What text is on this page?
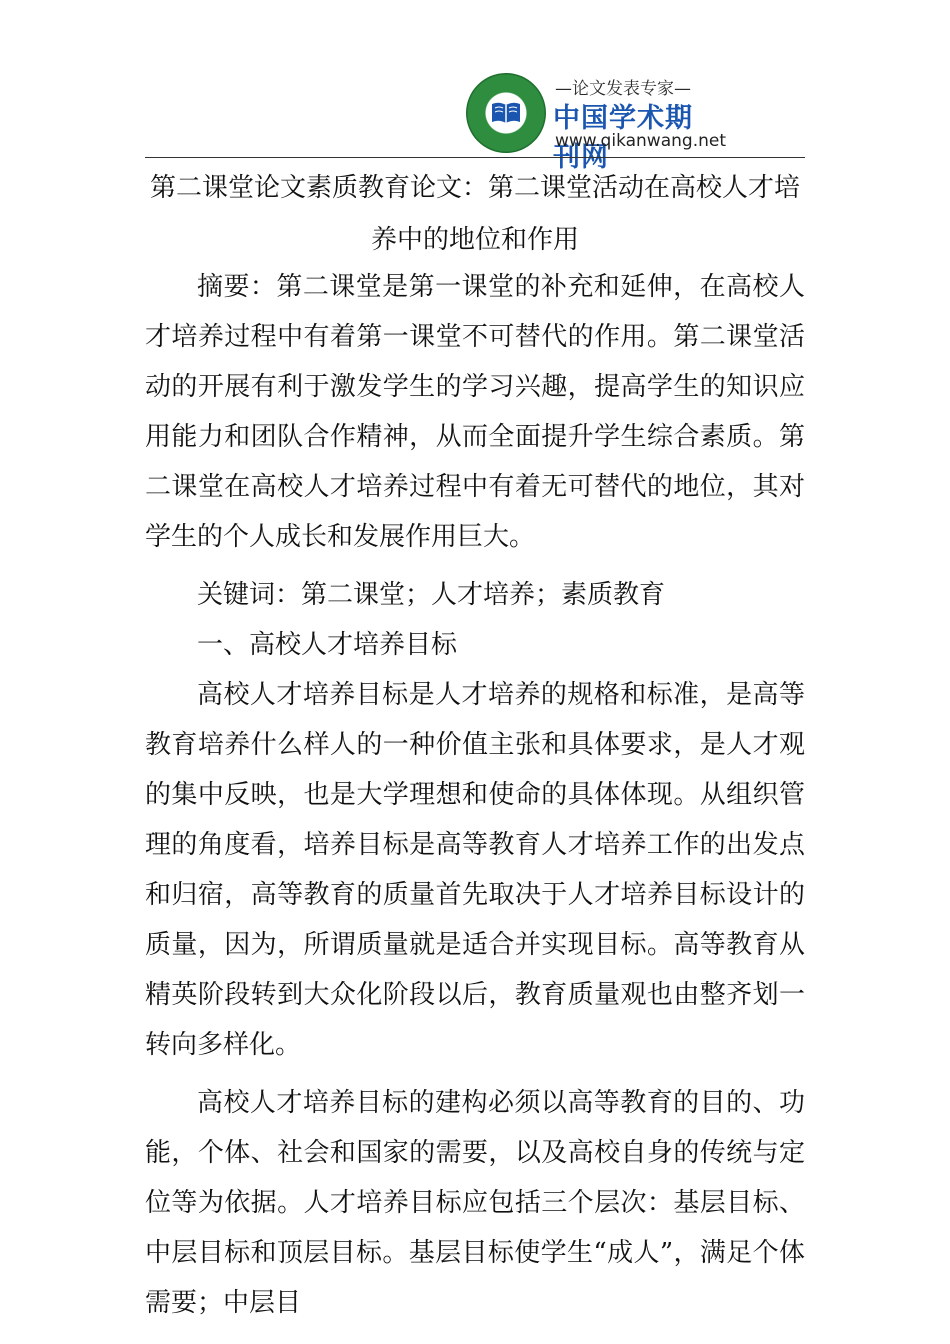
—论文发表专家—
中国学术期刊网
www.qikanwang.net
第二课堂论文素质教育论文：第二课堂活动在高校人才培养中的地位和作用

摘要：第二课堂是第一课堂的补充和延伸，在高校人才培养过程中有着第一课堂不可替代的作用。第二课堂活动的开展有利于激发学生的学习兴趣，提高学生的知识应用能力和团队合作精神，从而全面提升学生综合素质。第二课堂在高校人才培养过程中有着无可替代的地位，其对学生的个人成长和发展作用巨大。

关键词：第二课堂；人才培养；素质教育

一、高校人才培养目标

高校人才培养目标是人才培养的规格和标准，是高等教育培养什么样人的一种价值主张和具体要求，是人才观的集中反映，也是大学理想和使命的具体体现。从组织管理的角度看，培养目标是高等教育人才培养工作的出发点和归宿，高等教育的质量首先取决于人才培养目标设计的质量，因为，所谓质量就是适合并实现目标。高等教育从精英阶段转到大众化阶段以后，教育质量观也由整齐划一转向多样化。

高校人才培养目标的建构必须以高等教育的目的、功能，个体、社会和国家的需要，以及高校自身的传统与定位等为依据。人才培养目标应包括三个层次：基层目标、中层目标和顶层目标。基层目标使学生“成人”，满足个体需要；中层目
